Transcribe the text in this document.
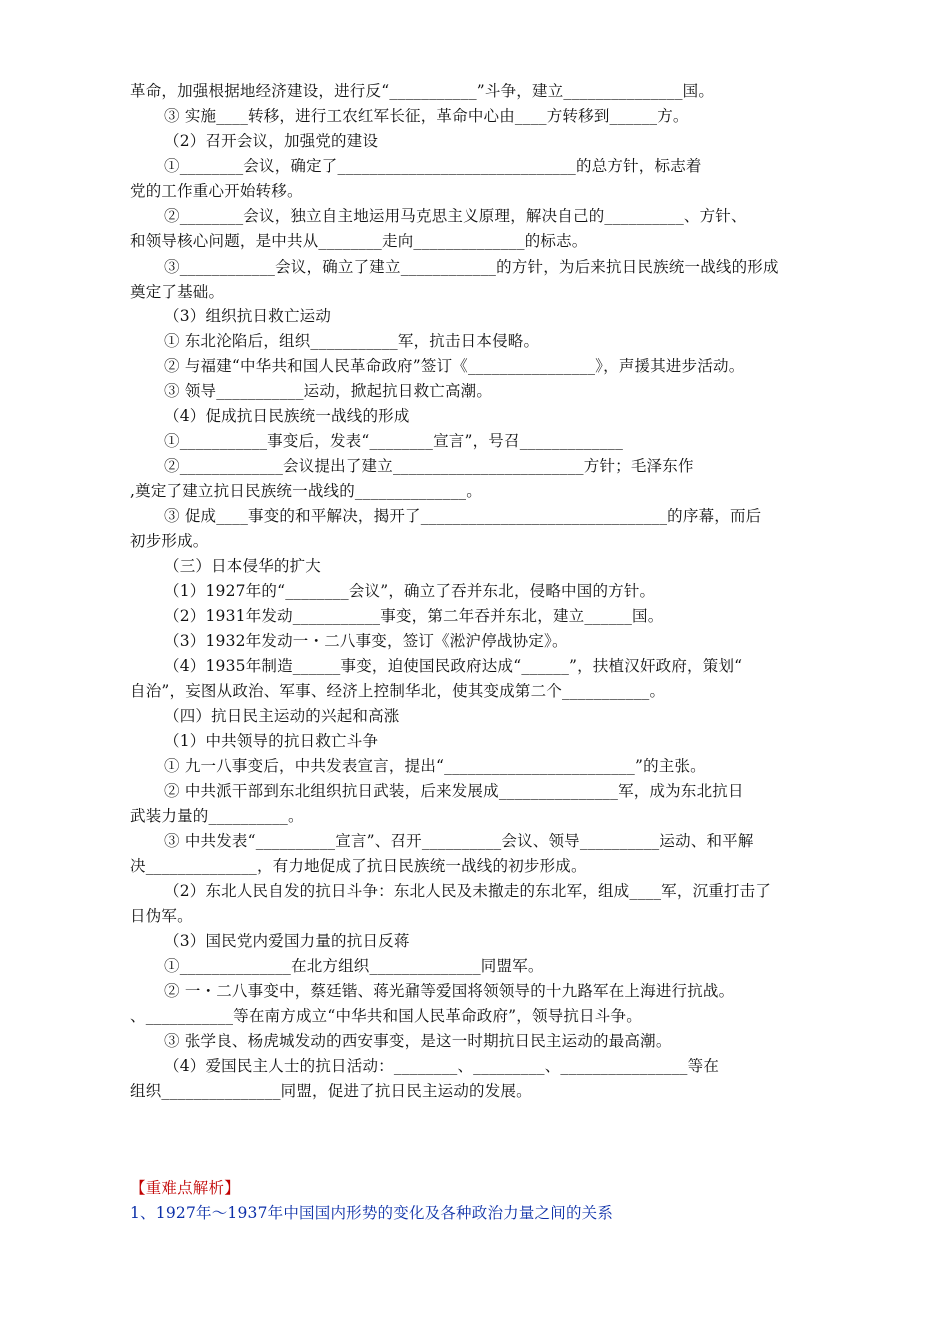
革命，加强根据地经济建设，进行反“___________”斗争，建立_______________国。
③ 实施____转移，进行工农红军长征，革命中心由____方转移到______方。
（2）召开会议，加强党的建设
①________会议，确定了______________________________的总方针，标志着
党的工作重心开始转移。
②________会议，独立自主地运用马克思主义原理，解决自己的__________、方针、
和领导核心问题，是中共从________走向______________的标志。
③____________会议，确立了建立____________的方针，为后来抗日民族统一战线的形成
奠定了基础。
（3）组织抗日救亡运动
① 东北沦陷后，组织___________军，抗击日本侵略。
② 与福建“中华共和国人民革命政府”签订《________________》，声援其进步活动。
③ 领导___________运动，掀起抗日救亡高潮。
（4）促成抗日民族统一战线的形成
①___________事变后，发表“________宣言”，号召_____________
②_____________会议提出了建立________________________方针；毛泽东作
,奠定了建立抗日民族统一战线的______________。
③ 促成____事变的和平解决，揭开了_______________________________的序幕，而后
初步形成。
（三）日本侵华的扩大
（1）1927年的“________会议”，确立了吞并东北，侵略中国的方针。
（2）1931年发动___________事变，第二年吞并东北，建立______国。
（3）1932年发动一・二八事变，签订《淞沪停战协定》。
（4）1935年制造______事变，迫使国民政府达成“______”，扶植汉奸政府，策划“
自治”，妄图从政治、军事、经济上控制华北，使其变成第二个___________。
（四）抗日民主运动的兴起和高涨
（1）中共领导的抗日救亡斗争
① 九一八事变后，中共发表宣言，提出“________________________”的主张。
② 中共派干部到东北组织抗日武装，后来发展成_______________军，成为东北抗日
武装力量的__________。
③ 中共发表“__________宣言”、召开__________会议、领导__________运动、和平解
决______________，有力地促成了抗日民族统一战线的初步形成。
（2）东北人民自发的抗日斗争：东北人民及未撤走的东北军，组成____军，沉重打击了
日伪军。
（3）国民党内爱国力量的抗日反蒋
①______________在北方组织______________同盟军。
② 一・二八事变中，蔡廷锴、蒋光鼐等爱国将领领导的十九路军在上海进行抗战。
、___________等在南方成立“中华共和国人民革命政府”，领导抗日斗争。
③ 张学良、杨虎城发动的西安事变，是这一时期抗日民主运动的最高潮。
（4）爱国民主人士的抗日活动：________、_________、________________等在
组织_______________同盟，促进了抗日民主运动的发展。
【重难点解析】
1、1927年～1937年中国国内形势的变化及各种政治力量之间的关系
